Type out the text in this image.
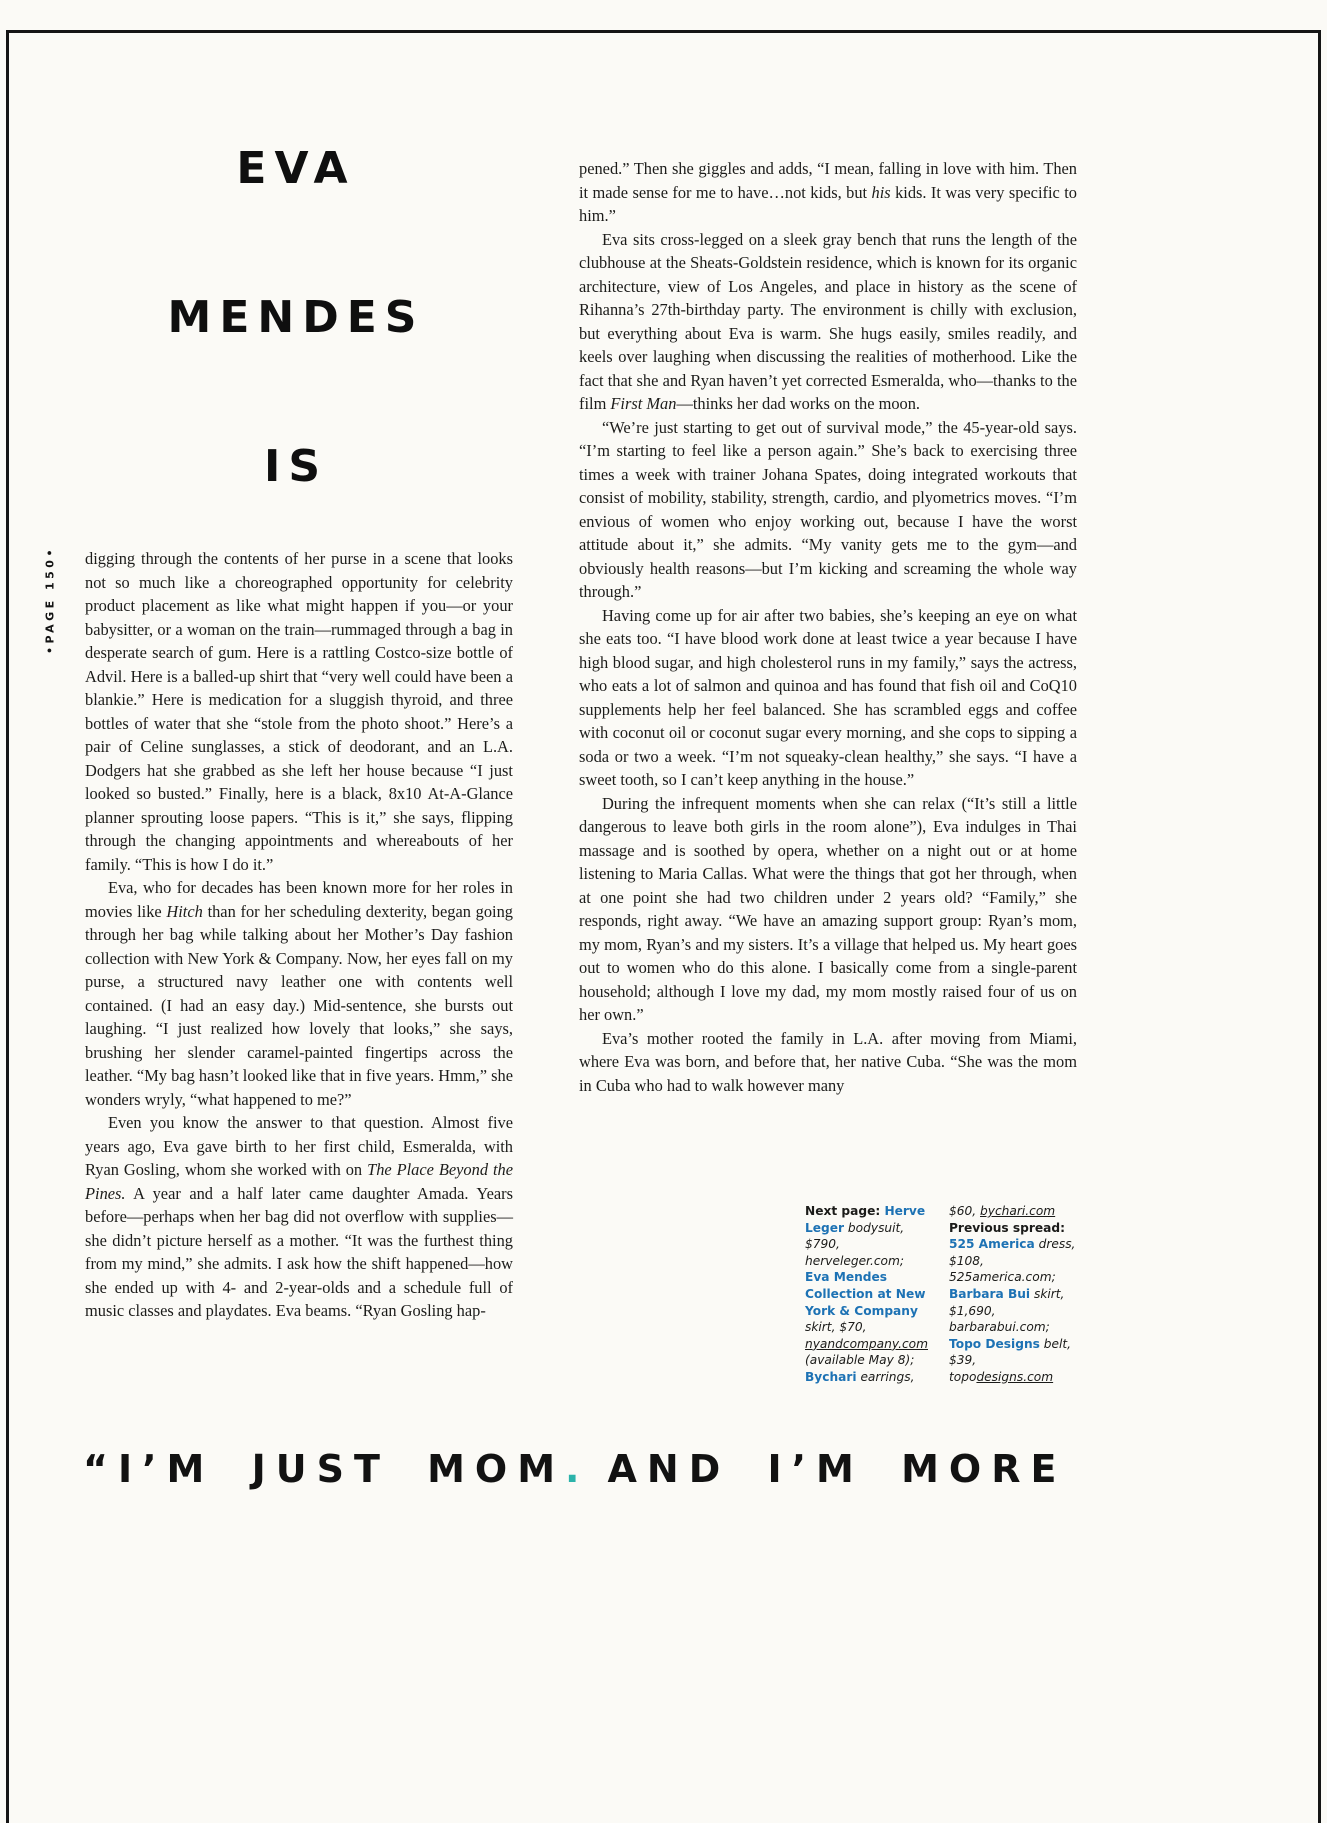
EVA
MENDES
IS
•PAGE 150• digging through the contents of her purse in a scene that looks not so much like a choreographed opportunity for celebrity product placement as like what might happen if you—or your babysitter, or a woman on the train—rummaged through a bag in desperate search of gum. Here is a rattling Costco-size bottle of Advil. Here is a balled-up shirt that “very well could have been a blankie.” Here is medication for a sluggish thyroid, and three bottles of water that she “stole from the photo shoot.” Here’s a pair of Celine sunglasses, a stick of deodorant, and an L.A. Dodgers hat she grabbed as she left her house because “I just looked so busted.” Finally, here is a black, 8x10 At-A-Glance planner sprouting loose papers. “This is it,” she says, flipping through the changing appointments and whereabouts of her family. “This is how I do it.”

Eva, who for decades has been known more for her roles in movies like Hitch than for her scheduling dexterity, began going through her bag while talking about her Mother’s Day fashion collection with New York & Company. Now, her eyes fall on my purse, a structured navy leather one with contents well contained. (I had an easy day.) Mid-sentence, she bursts out laughing. “I just realized how lovely that looks,” she says, brushing her slender caramel-painted fingertips across the leather. “My bag hasn’t looked like that in five years. Hmm,” she wonders wryly, “what happened to me?”

Even you know the answer to that question. Almost five years ago, Eva gave birth to her first child, Esmeralda, with Ryan Gosling, whom she worked with on The Place Beyond the Pines. A year and a half later came daughter Amada. Years before—perhaps when her bag did not overflow with supplies—she didn’t picture herself as a mother. “It was the furthest thing from my mind,” she admits. I ask how the shift happened—how she ended up with 4- and 2-year-olds and a schedule full of music classes and playdates. Eva beams. “Ryan Gosling hap-

pened.” Then she giggles and adds, “I mean, falling in love with him. Then it made sense for me to have…not kids, but his kids. It was very specific to him.”

Eva sits cross-legged on a sleek gray bench that runs the length of the clubhouse at the Sheats-Goldstein residence, which is known for its organic architecture, view of Los Angeles, and place in history as the scene of Rihanna’s 27th-birthday party. The environment is chilly with exclusion, but everything about Eva is warm. She hugs easily, smiles readily, and keels over laughing when discussing the realities of motherhood. Like the fact that she and Ryan haven’t yet corrected Esmeralda, who—thanks to the film First Man—thinks her dad works on the moon.

“We’re just starting to get out of survival mode,” the 45-year-old says. “I’m starting to feel like a person again.” She’s back to exercising three times a week with trainer Johana Spates, doing integrated workouts that consist of mobility, stability, strength, cardio, and plyometrics moves. “I’m envious of women who enjoy working out, because I have the worst attitude about it,” she admits. “My vanity gets me to the gym—and obviously health reasons—but I’m kicking and screaming the whole way through.”

Having come up for air after two babies, she’s keeping an eye on what she eats too. “I have blood work done at least twice a year because I have high blood sugar, and high cholesterol runs in my family,” says the actress, who eats a lot of salmon and quinoa and has found that fish oil and CoQ10 supplements help her feel balanced. She has scrambled eggs and coffee with coconut oil or coconut sugar every morning, and she cops to sipping a soda or two a week. “I’m not squeaky-clean healthy,” she says. “I have a sweet tooth, so I can’t keep anything in the house.”

During the infrequent moments when she can relax (“It’s still a little dangerous to leave both girls in the room alone”), Eva indulges in Thai massage and is soothed by opera, whether on a night out or at home listening to Maria Callas. What were the things that got her through, when at one point she had two children under 2 years old? “Family,” she responds, right away. “We have an amazing support group: Ryan’s mom, my mom, Ryan’s and my sisters. It’s a village that helped us. My heart goes out to women who do this alone. I basically come from a single-parent household; although I love my dad, my mom mostly raised four of us on her own.”

Eva’s mother rooted the family in L.A. after moving from Miami, where Eva was born, and before that, her native Cuba. “She was the mom in Cuba who had to walk however many

Next page: Herve Leger bodysuit, $790, herveleger.com; Eva Mendes Collection at New York & Company skirt, $70, nyandcompany.com (available May 8); Bychari earrings,
$60, bychari.com
Previous spread: 525 America dress, $108, 525america.com; Barbara Bui skirt, $1,690, barbarabui.com; Topo Designs belt, $39, topodesigns.com
“I’M JUST MOM. AND I’M MORE
